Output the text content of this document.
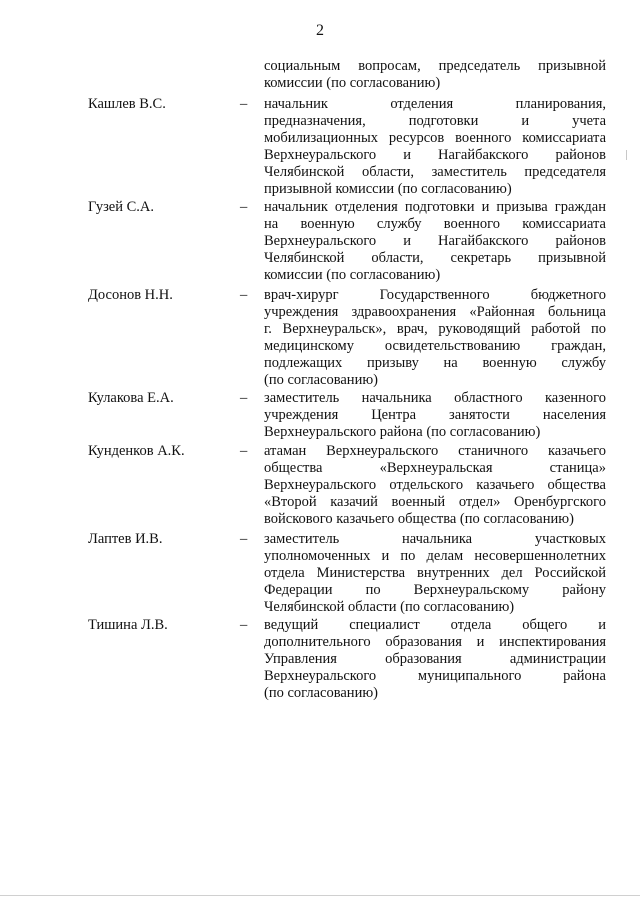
2
социальным вопросам, председатель призывной
комиссии (по согласованию)
Кашлев В.С.	– начальник отделения планирования,
предназначения, подготовки и учета
мобилизационных ресурсов военного комиссариата
Верхнеуральского и Нагайбакского районов
Челябинской области, заместитель председателя
призывной комиссии (по согласованию)
Гузей С.А.	– начальник отделения подготовки и призыва граждан
на военную службу военного комиссариата
Верхнеуральского и Нагайбакского районов
Челябинской области, секретарь призывной
комиссии (по согласованию)
Досонов Н.Н.	– врач-хирург Государственного бюджетного
учреждения здравоохранения «Районная больница
г. Верхнеуральск», врач, руководящий работой по
медицинскому освидетельствованию граждан,
подлежащих призыву на военную службу
(по согласованию)
Кулакова Е.А.	– заместитель начальника областного казенного
учреждения Центра занятости населения
Верхнеуральского района (по согласованию)
Кунденков А.К.	– атаман Верхнеуральского станичного казачьего
общества «Верхнеуральская станица»
Верхнеуральского отдельского казачьего общества
«Второй казачий военный отдел» Оренбургского
войскового казачьего общества (по согласованию)
Лаптев И.В.	– заместитель начальника участковых
уполномоченных и по делам несовершеннолетних
отдела Министерства внутренних дел Российской
Федерации по Верхнеуральскому району
Челябинской области (по согласованию)
Тишина Л.В.	– ведущий специалист отдела общего и
дополнительного образования и инспектирования
Управления образования администрации
Верхнеуральского муниципального района
(по согласованию)
